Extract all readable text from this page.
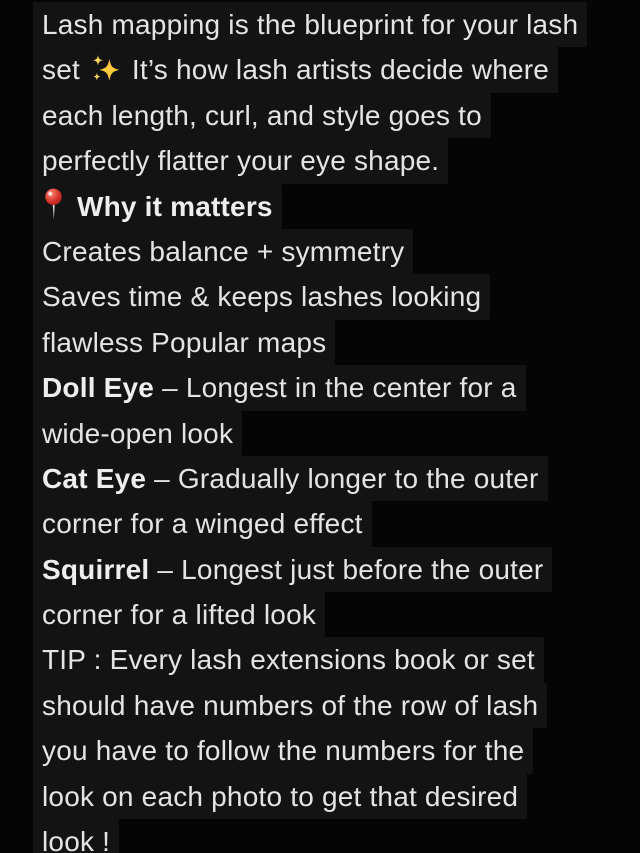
Lash mapping is the blueprint for your lash
set  It’s how lash artists decide where
each length, curl, and style goes to
perfectly flatter your eye shape.
Why it matters
Creates balance + symmetry
Saves time & keeps lashes looking
flawless Popular maps
Doll Eye – Longest in the center for a
wide-open look
Cat Eye – Gradually longer to the outer
corner for a winged effect
Squirrel – Longest just before the outer
corner for a lifted look
TIP : Every lash extensions book or set
should have numbers of the row of lash
you have to follow the numbers for the
look on each photo to get that desired
look !
